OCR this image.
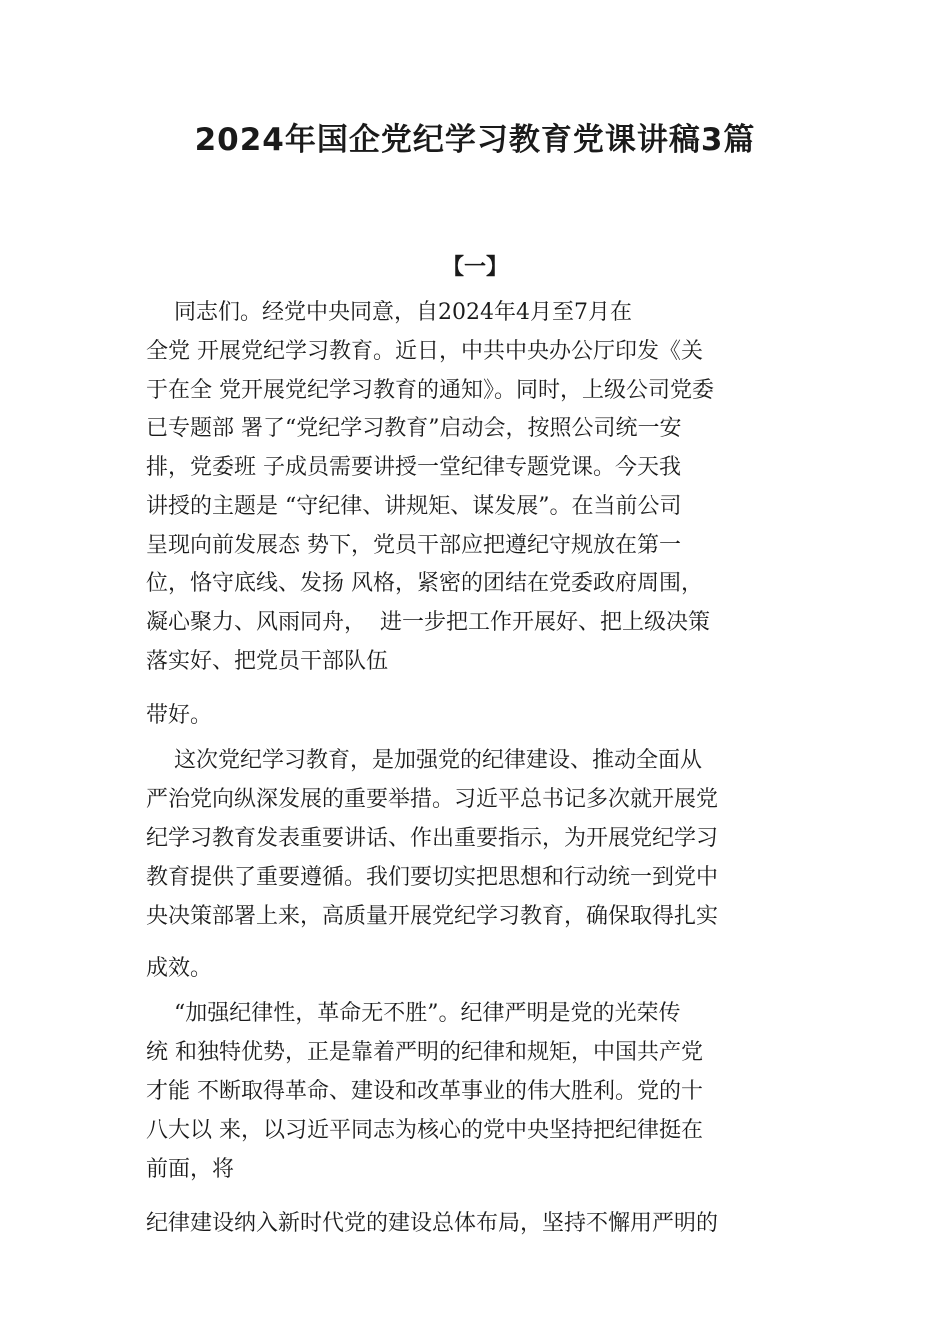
2024年国企党纪学习教育党课讲稿3篇
【一】

同志们。经党中央同意，自2024年4月至7月在

全党 开展党纪学习教育。近日，中共中央办公厅印发《关

于在全 党开展党纪学习教育的通知》。同时，上级公司党委

已专题部 署了“党纪学习教育”启动会，按照公司统一安

排，党委班 子成员需要讲授一堂纪律专题党课。今天我

讲授的主题是 “守纪律、讲规矩、谋发展”。在当前公司

呈现向前发展态 势下，党员干部应把遵纪守规放在第一

位，恪守底线、发扬 风格，紧密的团结在党委政府周围，

凝心聚力、风雨同舟，  进一步把工作开展好、把上级决策

落实好、把党员干部队伍

带好。

这次党纪学习教育，是加强党的纪律建设、推动全面从

严治党向纵深发展的重要举措。习近平总书记多次就开展党

纪学习教育发表重要讲话、作出重要指示，为开展党纪学习

教育提供了重要遵循。我们要切实把思想和行动统一到党中

央决策部署上来，高质量开展党纪学习教育，确保取得扎实

成效。

“加强纪律性，革命无不胜”。纪律严明是党的光荣传

统 和独特优势，正是靠着严明的纪律和规矩，中国共产党

才能 不断取得革命、建设和改革事业的伟大胜利。党的十

八大以 来，以习近平同志为核心的党中央坚持把纪律挺在

前面，将

纪律建设纳入新时代党的建设总体布局，坚持不懈用严明的
